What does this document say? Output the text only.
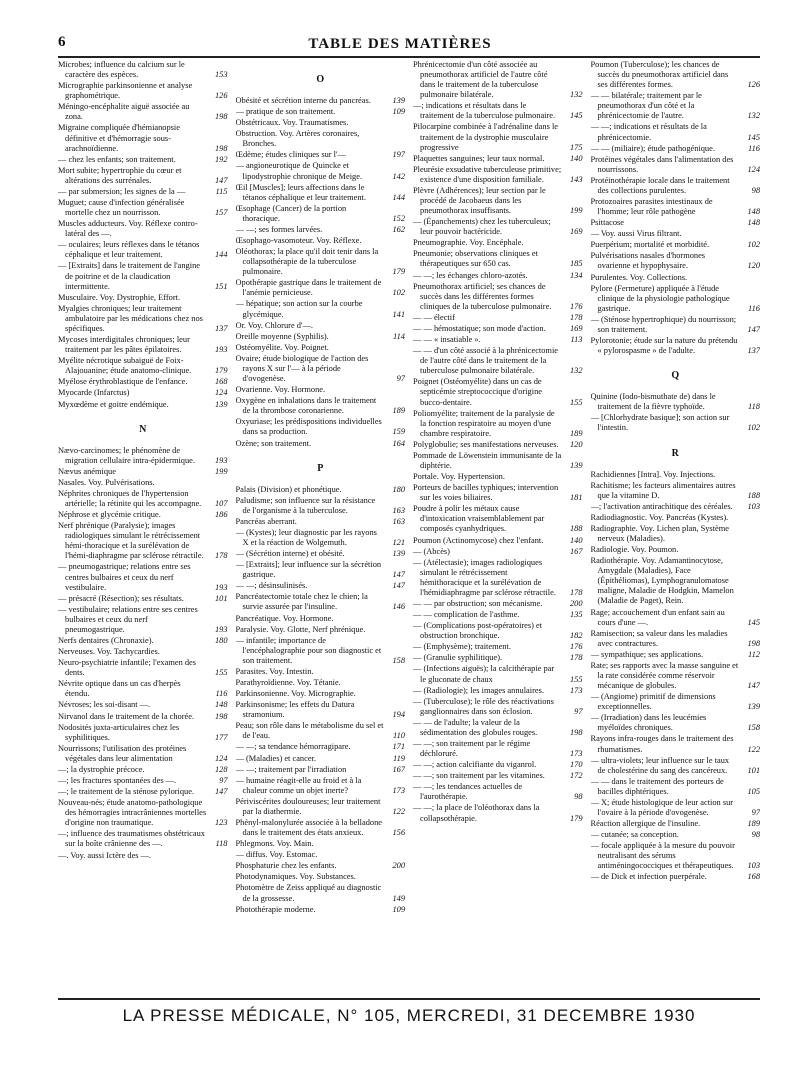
6	TABLE DES MATIÈRES
Microbes; influence du calcium sur le caractère des espèces.	153
Micrographie parkinsonienne et analyse graphométrique.	126
Méningo-encéphalite aiguë associée au zona.	198
Migraine compliquée d'hémianopsie définitive et d'hémorragie sous-arachnoïdienne.	198
— chez les enfants; son traitement.	192
Mort subite; hypertrophie du cœur et altérations des surrénales.	147
— par submersion; les signes de la —	115
Muguet; cause d'infection généralisée mortelle chez un nourrisson.	157
Muscles adducteurs. Voy. Réflexe contro-latéral des —.
— oculaires; leurs réflexes dans le tétanos céphalique et leur traitement.	144
— [Extraits] dans le traitement de l'angine de poitrine et de la claudication intermittente.	151
Musculaire. Voy. Dystrophie, Effort.
Myalgies chroniques; leur traitement ambulatoire par les médications chez nos spécifiques.	137
Mycoses interdigitales chroniques; leur traitement par les pâtes épilatoires.	193
Myélite nécrotique subaiguë de Foix-Alajouanine; étude anatomo-clinique.	179
Myélose érythroblastique de l'enfance.	168
Myocarde (Infarctus)	124
Myxœdème et goitre endémique.	139
N
Nævo-carcinomes; le phénomène de migration cellulaire intra-épidermique.	193
Nævus anémique	199
Nasales. Voy. Pulvérisations.
Néphrites chroniques de l'hypertension artérielle; la rétinite qui les accompagne.	107
Néphrose et glycémie critique.	186
Nerf phrénique (Paralysie); images radiologiques simulant le rétrécissement hémi-thoracique et la surélévation de l'hémi-diaphragme par sclérose rétractile.	178
— pneumogastrique; relations entre ses centres bulbaires et ceux du nerf vestibulaire.	193
— présacré (Résection); ses résultats.	101
— vestibulaire; relations entre ses centres bulbaires et ceux du nerf pneumogastrique.	193
Nerfs dentaires (Chronaxie).	180
Nerveuses. Voy. Tachycardies.
Neuro-psychiatrie infantile; l'examen des dents.	155
Névrite optique dans un cas d'herpès étendu.	116
Névroses; les soi-disant —.	148
Nirvanol dans le traitement de la chorée.	198
Nodosités juxta-articulaires chez les syphilitiques.	177
Nourrissons; l'utilisation des protéines végétales dans leur alimentation	124
—; la dystrophie précoce.	128
—; les fractures spontanées des —.	97
—; le traitement de la sténose pylorique.	147
Nouveau-nés; étude anatomo-pathologique des hémorragies intracrâniennes mortelles d'origine non traumatique.	123
—; influence des traumatismes obstétricaux sur la boîte crânienne des —.	118
—. Voy. aussi Ictère des —.
O
Obésité et sécrétion interne du pancréas.	139
— pratique de son traitement.	109
Obstétricaux. Voy. Traumatismes.
Obstruction. Voy. Artères coronaires, Bronches.
Œdème; études cliniques sur l'—	197
— angioneurotique de Quincke et lipodystrophie chronique de Meige.	142
Œil [Muscles]; leurs affections dans le tétanos céphalique et leur traitement.	144
Œsophage (Cancer) de la portion thoracique.	152
— —; ses formes larvées.	162
Œsophago-vasomoteur. Voy. Réflexe.
Oléothorax; la place qu'il doit tenir dans la collapsothérapie de la tuberculose pulmonaire.	179
Opothérapie gastrique dans le traitement de l'anémie pernicieuse.	102
— hépatique; son action sur la courbe glycémique.	141
Or. Voy. Chlorure d'—.
Oreille moyenne (Syphilis).	114
Ostéomyélite. Voy. Poignet.
Ovaire; étude biologique de l'action des rayons X sur l'— à la période d'ovogenèse.	97
Ovarienne. Voy. Hormone.
Oxygène en inhalations dans le traitement de la thrombose coronarienne.	189
Oxyuriase; les prédispositions individuelles dans sa production.	159
Ozène; son traitement.	164
P
Palais (Division) et phonétique.	180
Paludisme; son influence sur la résistance de l'organisme à la tuberculose.	163
Pancréas aberrant.	163
— (Kystes); leur diagnostic par les rayons X et la réaction de Wolgemuth.	121
— (Sécrétion interne) et obésité.	139
— [Extraits]; leur influence sur la sécrétion gastrique.	147
— —; désinsulinisés.	147
Pancréatectomie totale chez le chien; la survie assurée par l'insuline.	146
Pancréatique. Voy. Hormone.
Paralysie. Voy. Glotte, Nerf phrénique.
— infantile; importance de l'encéphalographie pour son diagnostic et son traitement.	158
Parasites. Voy. Intestin.
Parathyroïdienne. Voy. Tétanie.
Parkinsonienne. Voy. Micrographie.
Parkinsonisme; les effets du Datura stramonium.	194
Peau; son rôle dans le métabolisme du sel et de l'eau.	110
— —; sa tendance hémorragipare.	171
— (Maladies) et cancer.	119
— —; traitement par l'irradiation	167
— humaine réagit-elle au froid et à la chaleur comme un objet inerte?	173
Périviscérites douloureuses; leur traitement par la diathermie.	122
Phényl-malonylurée associée à la belladone dans le traitement des états anxieux.	156
Phlegmons. Voy. Main.
— diffus. Voy. Estomac.
Phosphaturie chez les enfants.	200
Photodynamiques. Voy. Substances.
Photomètre de Zeiss appliqué au diagnostic de la grossesse.	149
Photothérapie moderne.	109
Phrénicectomie d'un côté associée au pneumothorax artificiel de l'autre côté dans le traitement de la tuberculose pulmonaire bilatérale.	132
—; indications et résultats dans le traitement de la tuberculose pulmonaire.	145
Pilocarpine combinée à l'adrénaline dans le traitement de la dystrophie musculaire progressive	175
Plaquettes sanguines; leur taux normal.	140
Pleurésie exsudative tuberculeuse primitive; existence d'une disposition familiale.	143
Plèvre (Adhérences); leur section par le procédé de Jacobaeus dans les pneumothorax insuffisants.	199
— (Épanchements) chez les tuberculeux; leur pouvoir bactéricide.	169
Pneumographie. Voy. Encéphale.
Pneumonie; observations cliniques et thérapeutiques sur 650 cas.	185
— —; les échanges chloro-azotés.	134
Pneumothorax artificiel; ses chances de succès dans les différentes formes cliniques de la tuberculose pulmonaire.	176
— — électif	178
— — hémostatique; son mode d'action.	169
— — « insatiable ».	113
— — d'un côté associé à la phrénicectomie de l'autre côté dans le traitement de la tuberculose pulmonaire bilatérale.	132
Poignet (Ostéomyélite) dans un cas de septicémie streptococcique d'origine bucco-dentaire.	155
Poliomyélite; traitement de la paralysie de la fonction respiratoire au moyen d'une chambre respiratoire.	189
Polyglobulie; ses manifestations nerveuses.	120
Pommade de Löwenstein immunisante de la diphtérie.	139
Portale. Voy. Hypertension.
Porteurs de bacilles typhiques; intervention sur les voies biliaires.	181
Poudre à polir les métaux cause d'intoxication vraisemblablement par composés cyanhydriques.	188
Poumon (Actinomycose) chez l'enfant.	140
— (Abcès)	167
— (Atélectasie); images radiologiques simulant le rétrécissement hémithoracique et la surélévation de l'hémidiaphragme par sclérose rétractile.	178
— — par obstruction; son mécanisme.	200
— — complication de l'asthme.	135
— (Complications post-opératoires) et obstruction bronchique.	182
— (Emphysème); traitement.	176
— (Granulie syphilitique).	178
— (Infections aiguës); la calcithérapie par le gluconate de chaux	155
— (Radiologie); les images annulaires.	173
— (Tuberculose); le rôle des réactivations ganglionnaires dans son éclosion.	97
— — de l'adulte; la valeur de la sédimentation des globules rouges.	198
— —; son traitement par le régime déchloruré.	173
— —; action calcifiante du viganrol.	170
— —; son traitement par les vitamines.	172
— —; les tendances actuelles de l'aurothérapie.	98
— —; la place de l'oléothorax dans la collapsothérapie.	179
Poumon (Tuberculose); les chances de succès du pneumothorax artificiel dans ses différentes formes.	126
— — bilatérale; traitement par le pneumothorax d'un côté et la phrénicectomie de l'autre.	132
— —; indications et résultats de la phrénicectomie.	145
— — (miliaire); étude pathogénique.	116
Protéines végétales dans l'alimentation des nourrissons.	124
Protéinothérapie locale dans le traitement des collections purulentes.	98
Protozoaires parasites intestinaux de l'homme; leur rôle pathogène	148
Psittacose	148
— Voy. aussi Virus filtrant.
Puerpérium; mortalité et morbidité.	102
Pulvérisations nasales d'hormones ovarienne et hypophysaire.	120
Purulentes. Voy. Collections.
Pylore (Fermeture) appliquée à l'étude clinique de la physiologie pathologique gastrique.	116
— (Sténose hypertrophique) du nourrisson; son traitement.	147
Pylorotonie; étude sur la nature du prétendu « pylorospasme » de l'adulte.	137
Q
Quinine (Iodo-bismuthate de) dans le traitement de la fièvre typhoïde.	118
— [Chlorhydrate basique]; son action sur l'intestin.	102
R
Rachidiennes [Intra]. Voy. Injections.
Rachitisme; les facteurs alimentaires autres que la vitamine D.	188
—; l'activation antirachitique des céréales.	103
Radiodiagnostic. Voy. Pancréas (Kystes).
Radiographie. Voy. Lichen plan, Système nerveux (Maladies).
Radiologie. Voy. Poumon.
Radiothérapie. Voy. Adamantinocytose, Amygdale (Maladies), Face (Épithéliomas), Lymphogranulomatose maligne, Maladie de Hodgkin, Mamelon (Maladie de Paget), Rein.
Rage; accouchement d'un enfant sain au cours d'une —.	145
Ramisection; sa valeur dans les maladies avec contractures.	198
— sympathique; ses applications.	112
Rate; ses rapports avec la masse sanguine et la rate considérée comme réservoir mécanique de globules.	147
— (Angiome) primitif de dimensions exceptionnelles.	139
— (Irradiation) dans les leucémies myéloïdes chroniques.	158
Rayons infra-rouges dans le traitement des rhumatismes.	122
— ultra-violets; leur influence sur le taux de cholestérine du sang des cancéreux.	101
— — dans le traitement des porteurs de bacilles diphtériques.	105
— X; étude histologique de leur action sur l'ovaire à la période d'ovogenèse.	97
Réaction allergique de l'insuline.	189
— cutanée; sa conception.	98
— focale appliquée à la mesure du pouvoir neutralisant des sérums antiméningococciques et thérapeutiques.	103
— de Dick et infection puerpérale.	168
LA PRESSE MÉDICALE, N° 105, MERCREDI, 31 DECEMBRE 1930
